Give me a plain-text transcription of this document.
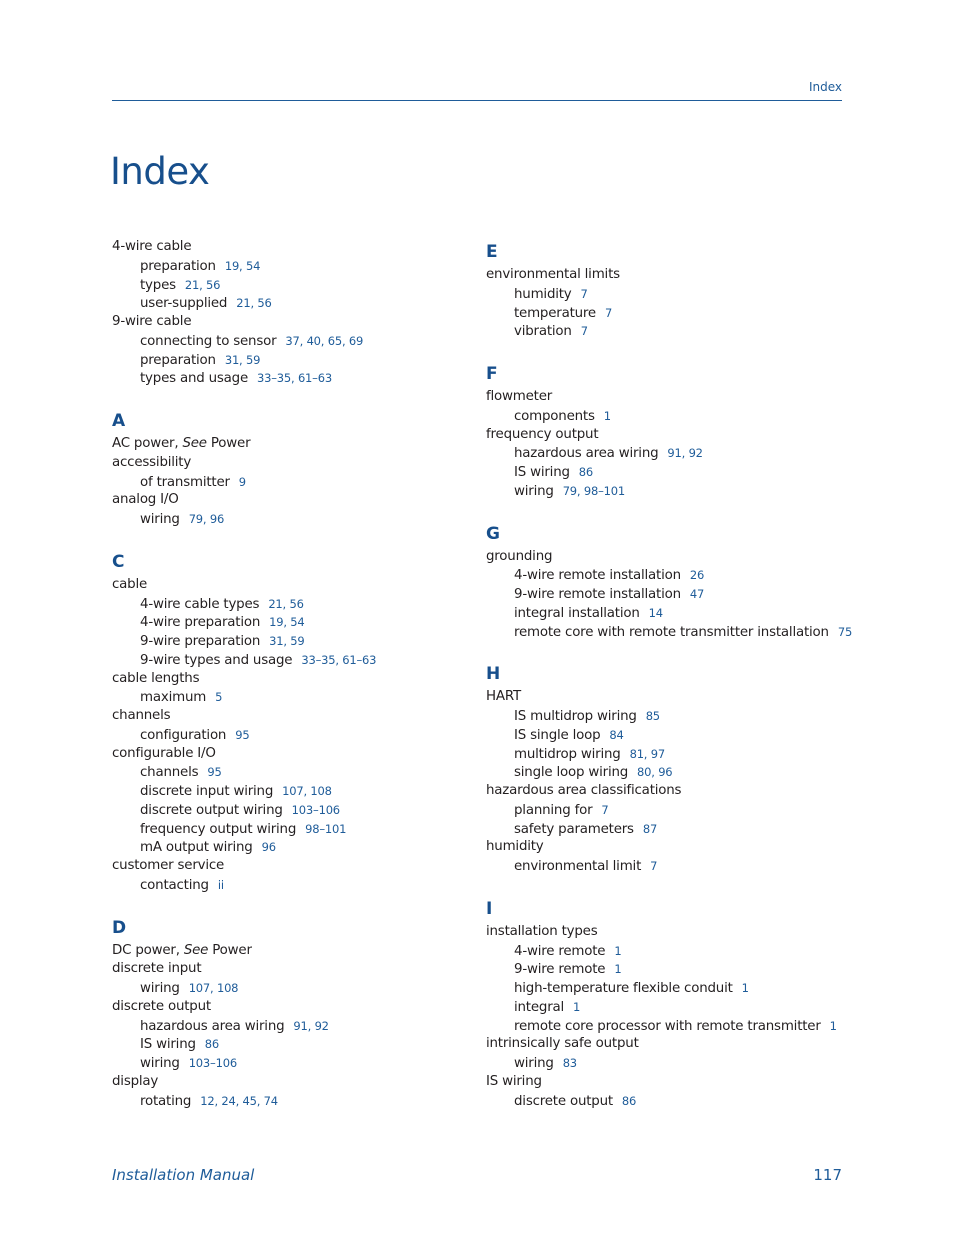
Index
Index
4-wire cable
preparation 19, 54
types 21, 56
user-supplied 21, 56
9-wire cable
connecting to sensor 37, 40, 65, 69
preparation 31, 59
types and usage 33–35, 61–63
A
AC power, See Power
accessibility
of transmitter 9
analog I/O
wiring 79, 96
C
cable
4-wire cable types 21, 56
4-wire preparation 19, 54
9-wire preparation 31, 59
9-wire types and usage 33–35, 61–63
cable lengths
maximum 5
channels
configuration 95
configurable I/O
channels 95
discrete input wiring 107, 108
discrete output wiring 103–106
frequency output wiring 98–101
mA output wiring 96
customer service
contacting ii
D
DC power, See Power
discrete input
wiring 107, 108
discrete output
hazardous area wiring 91, 92
IS wiring 86
wiring 103–106
display
rotating 12, 24, 45, 74
E
environmental limits
humidity 7
temperature 7
vibration 7
F
flowmeter
components 1
frequency output
hazardous area wiring 91, 92
IS wiring 86
wiring 79, 98–101
G
grounding
4-wire remote installation 26
9-wire remote installation 47
integral installation 14
remote core with remote transmitter installation 75
H
HART
IS multidrop wiring 85
IS single loop 84
multidrop wiring 81, 97
single loop wiring 80, 96
hazardous area classifications
planning for 7
safety parameters 87
humidity
environmental limit 7
I
installation types
4-wire remote 1
9-wire remote 1
high-temperature flexible conduit 1
integral 1
remote core processor with remote transmitter 1
intrinsically safe output
wiring 83
IS wiring
discrete output 86
Installation Manual	117
